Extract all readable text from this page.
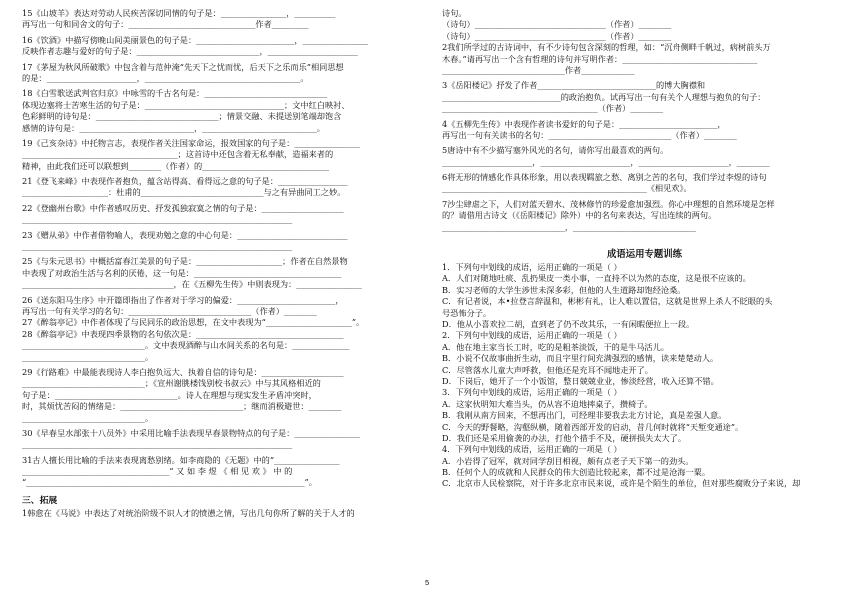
15《山坡羊》表达对劳动人民疾苦深切同情的句子是：________________，__________
再写出一句和同舍文的句子：_______________________________作者_________
16《饮酒》中描写傍晚山间美丽景色的句子是：________________________，________________
反映作者志趣与爱好的句子是：______________________________，______________________
17《茅屋为秋风所破歌》中包含着与范仲淹“先天下之忧而忧，后天下之乐而乐”相同思想
的是：______________________，______________________________________。
18《白雪歌送武判官归京》中咏雪的千古名句是：______________________________
体现边塞将士苦寒生活的句子是：__________________________________；文中红白映衬、
色彩鲜明的诗句是：______________________________；情景交融、未提送别笔端却饱含
感情的诗句是：____________________________，____________________________。
19《己亥杂诗》中托物言志，表现作者关注国家命运，报效国家的句子是：________________
______________________________________；这首诗中还包含着无私奉献，造福来者的
精神，由此我们还可以联想到________（作者）的_______________________________
21《登飞来峰》中表现作者抱负，蕴含站得高、看得远之意的句子是：_________________
_____________________：杜甫的______________________________与之有异曲同工之妙。
22《登幽州台歌》中作者感叹历史、抒发孤独寂寞之情的句子是：____________________
__________________________________________________________________
23《赠从弟》中作者借物喻人，表现劝勉之意的中心句是：___________________________
__________________________________________________________________
25《与朱元思书》中概括富春江美景的句子是：_____________________；作者在自然景物
中表现了对政治生活与名利的厌倦，这一句是：____________________________________
_____________________________________，在《五柳先生传》中则表现为：________________
26《送东阳马生序》中开篇即指出了作者对于学习的偏爱：________________________，
再写出一句有关学习的名句：______________________________（作者）________
27《醉翁亭记》中作者体现了与民同乐的政治思想，在文中表现为“_____________________”。
28《醉翁亭记》中表现四季景物的名句依次是：____________________________________
______________________________。文中表现酒醉与山水间关系的名句是：______________
______________________________。
29《行路难》中最能表现诗人李白抱负远大、执着自信的诗句是：____________________
______________________________；《宣州谢朓楼饯别校书叔云》中与其风格相近的
句子是：______________________________。诗人在理想与现实发生矛盾冲突时，
时，其烦忧苦闷的情绪是：______________________________；继而消极避世：________
______________________________。
30《早春呈水部张十八员外》中采用比喻手法表现早春景物特点的句子是：________________
__________________________________________________________________
31古人擅长用比喻的手法来表现离愁别绪。如李商隐的《无题》中的“________________
____________________________________” 又 如 李 煜 《 相 见 欢 》 中 的
“____________________________________________________________________”。
三、拓展
1韩愈在《马说》中表达了对统治阶级不识人才的愤懑之情，写出几句你所了解的关于人才的
诗句。
（诗句）________________________________（作者）________
（诗句）________________________________（作者）________
2我们所学过的古诗词中，有不少诗句包含深刻的哲理，如：“沉舟侧畔千帆过，病树前头万
木春。”请再写出一个含有哲理的诗句并写明作者：_________________________________
______________________________作者_____________
3《岳阳楼记》抒发了作者_____________________________的博大胸襟和
_____________________________的政治抱负。试再写出一句有关个人理想与抱负的句子：
______________________________________（作者）________
4《五柳先生传》中表现作者读书爱好的句子是：________________________，
再写出一句有关读书的名句：______________________________（作者）________
5唐诗中有不少描写塞外风光的名句，请你写出最喜欢的两句。
______________________，______________________，______________________，________
6将无形的情感化作具体形象，用以表现羁旅之愁、离别之苦的名句，我们学过李煜的诗句
__________________________________________________《相见欢》。
7沙尘肆虐之下，人们对蓝天碧水、茂林修竹的珍爱愈加强烈。你心中理想的自然环境是怎样
的？请借用古诗文（《岳阳楼记》除外）中的名句来表达，写出连续的两句。
______________________________，______________________________
成语运用专题训练
1．下列句中划线的成语，运用正确的一项是（ ）
A．人们对随地吐痰、乱扔果皮一类小事，一直持不以为然的态度，这是很不应该的。
B．实习老师的大学生涉世未深多彩，但他的人生道路却饱经沧桑。
C．有记者说，本•拉登言辞温和，彬彬有礼，让人难以置信，这就是世界上杀人不眨眼的头
号恐怖分子。
D．他从小喜欢拉二胡，直到老了仍不改其乐，一有闲暇便拉上一段。
2．下列句中划线的成语，运用正确的一项是（ ）
A．他在地主家当长工时，吃的是粗茶淡饭，干的是牛马活儿。
B．小说不仅故事曲折生动，而且字里行间充满强烈的感情，读来楚楚动人。
C．尽管落水儿童大声呼救，但他还是充耳不闻地走开了。
D．下岗后，她开了一个小饭馆，整日兢兢业业，惨淡经营，收入还算不错。
3．下列句中划线的成语，运用正确的一项是（ ）
A．这家伙明知大难当头，仍从容不迫地摔桌子，攒椅子。
B．我刚从南方回来，不想再出门，可经理非要我去北方讨论，真是差强人意。
C．今天的野餐略，沟壑纵横，随着西部开发的启动，昔几何时就将“天堑变通途”。
D．我们还是采用偷袭的办法，打他个措手不及，硬拼损失太大了。
4．下列句中划线的成语，运用正确的一项是（ ）
A．小岩得了冠军，就对同学刮目相视，颇有点老子天下第一的劲头。
B．任何个人的成就和人民群众的伟大创造比较起来，都不过是沧海一粟。
C．北京市人民检察院，对于许多北京市民来说，或许是个陌生的单位，但对那些腐败分子来说，却
5
